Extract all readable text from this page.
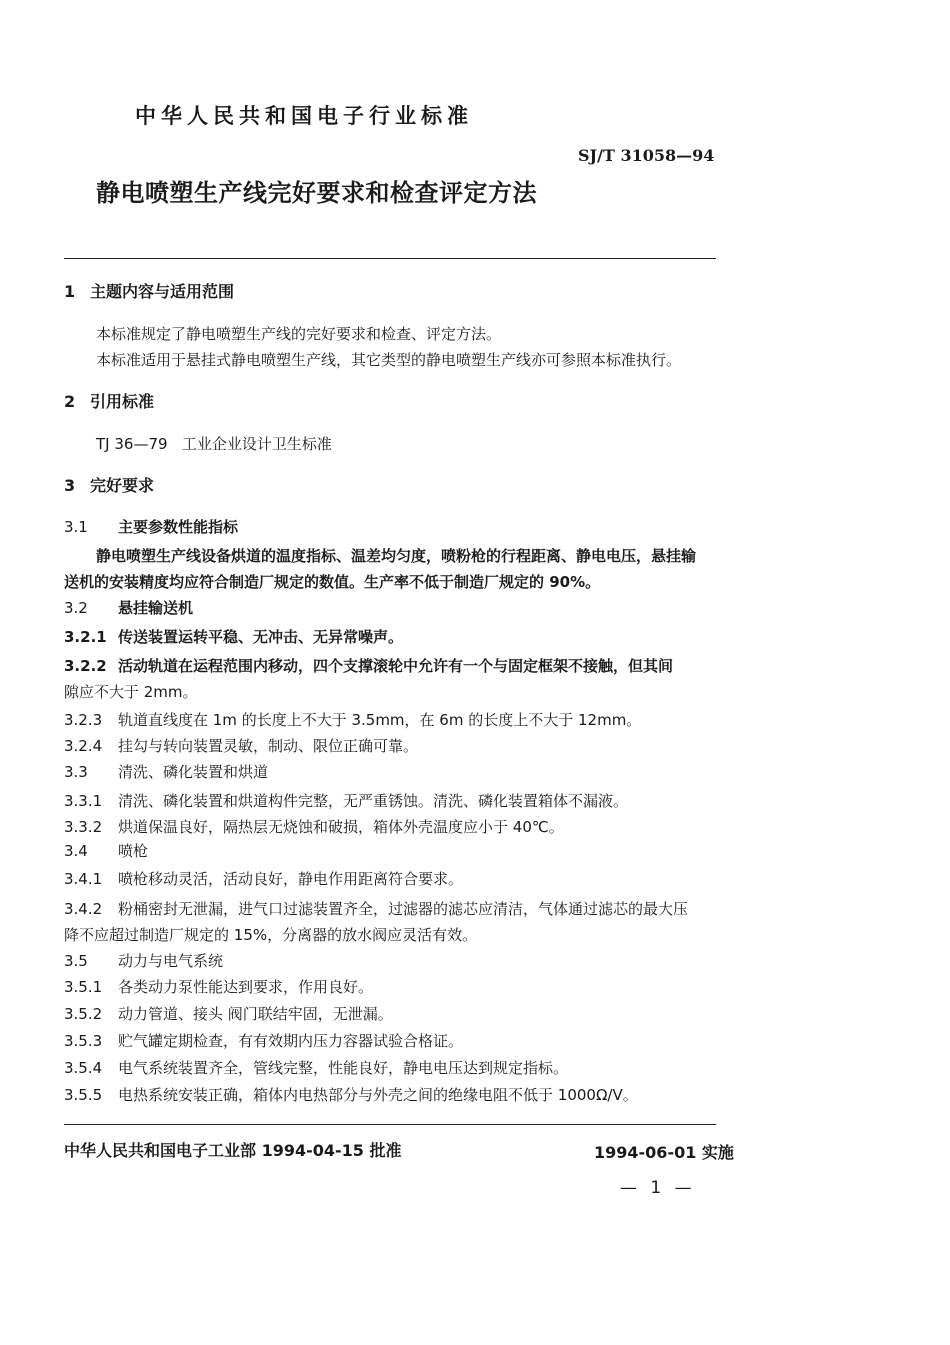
中华人民共和国电子行业标准
SJ/T 31058—94
静电喷塑生产线完好要求和检查评定方法
1 主题内容与适用范围
本标准规定了静电喷塑生产线的完好要求和检查、评定方法。
本标准适用于悬挂式静电喷塑生产线，其它类型的静电喷塑生产线亦可参照本标准执行。
2 引用标准
TJ 36—79   工业企业设计卫生标准
3 完好要求
3.1 主要参数性能指标
静电喷塑生产线设备烘道的温度指标、温差均匀度，喷粉枪的行程距离、静电电压，悬挂输
送机的安装精度均应符合制造厂规定的数值。生产率不低于制造厂规定的 90%。
3.2 悬挂输送机
3.2.1 传送装置运转平稳、无冲击、无异常噪声。
3.2.2 活动轨道在运程范围内移动，四个支撑滚轮中允许有一个与固定框架不接触，但其间
隙应不大于 2mm。
3.2.3 轨道直线度在 1m 的长度上不大于 3.5mm，在 6m 的长度上不大于 12mm。
3.2.4 挂勾与转向装置灵敏，制动、限位正确可靠。
3.3 清洗、磷化装置和烘道
3.3.1 清洗、磷化装置和烘道构件完整，无严重锈蚀。清洗、磷化装置箱体不漏液。
3.3.2 烘道保温良好，隔热层无烧蚀和破损，箱体外壳温度应小于 40℃。
3.4 喷枪
3.4.1 喷枪移动灵活，活动良好，静电作用距离符合要求。
3.4.2 粉桶密封无泄漏，进气口过滤装置齐全，过滤器的滤芯应清洁，气体通过滤芯的最大压
降不应超过制造厂规定的 15%，分离器的放水阀应灵活有效。
3.5 动力与电气系统
3.5.1 各类动力泵性能达到要求，作用良好。
3.5.2 动力管道、接头 阀门联结牢固，无泄漏。
3.5.3 贮气罐定期检查，有有效期内压力容器试验合格证。
3.5.4 电气系统装置齐全，管线完整，性能良好，静电电压达到规定指标。
3.5.5 电热系统安装正确，箱体内电热部分与外壳之间的绝缘电阻不低于 1000Ω/V。
中华人民共和国电子工业部 1994-04-15 批准	1994-06-01 实施
— 1 —
